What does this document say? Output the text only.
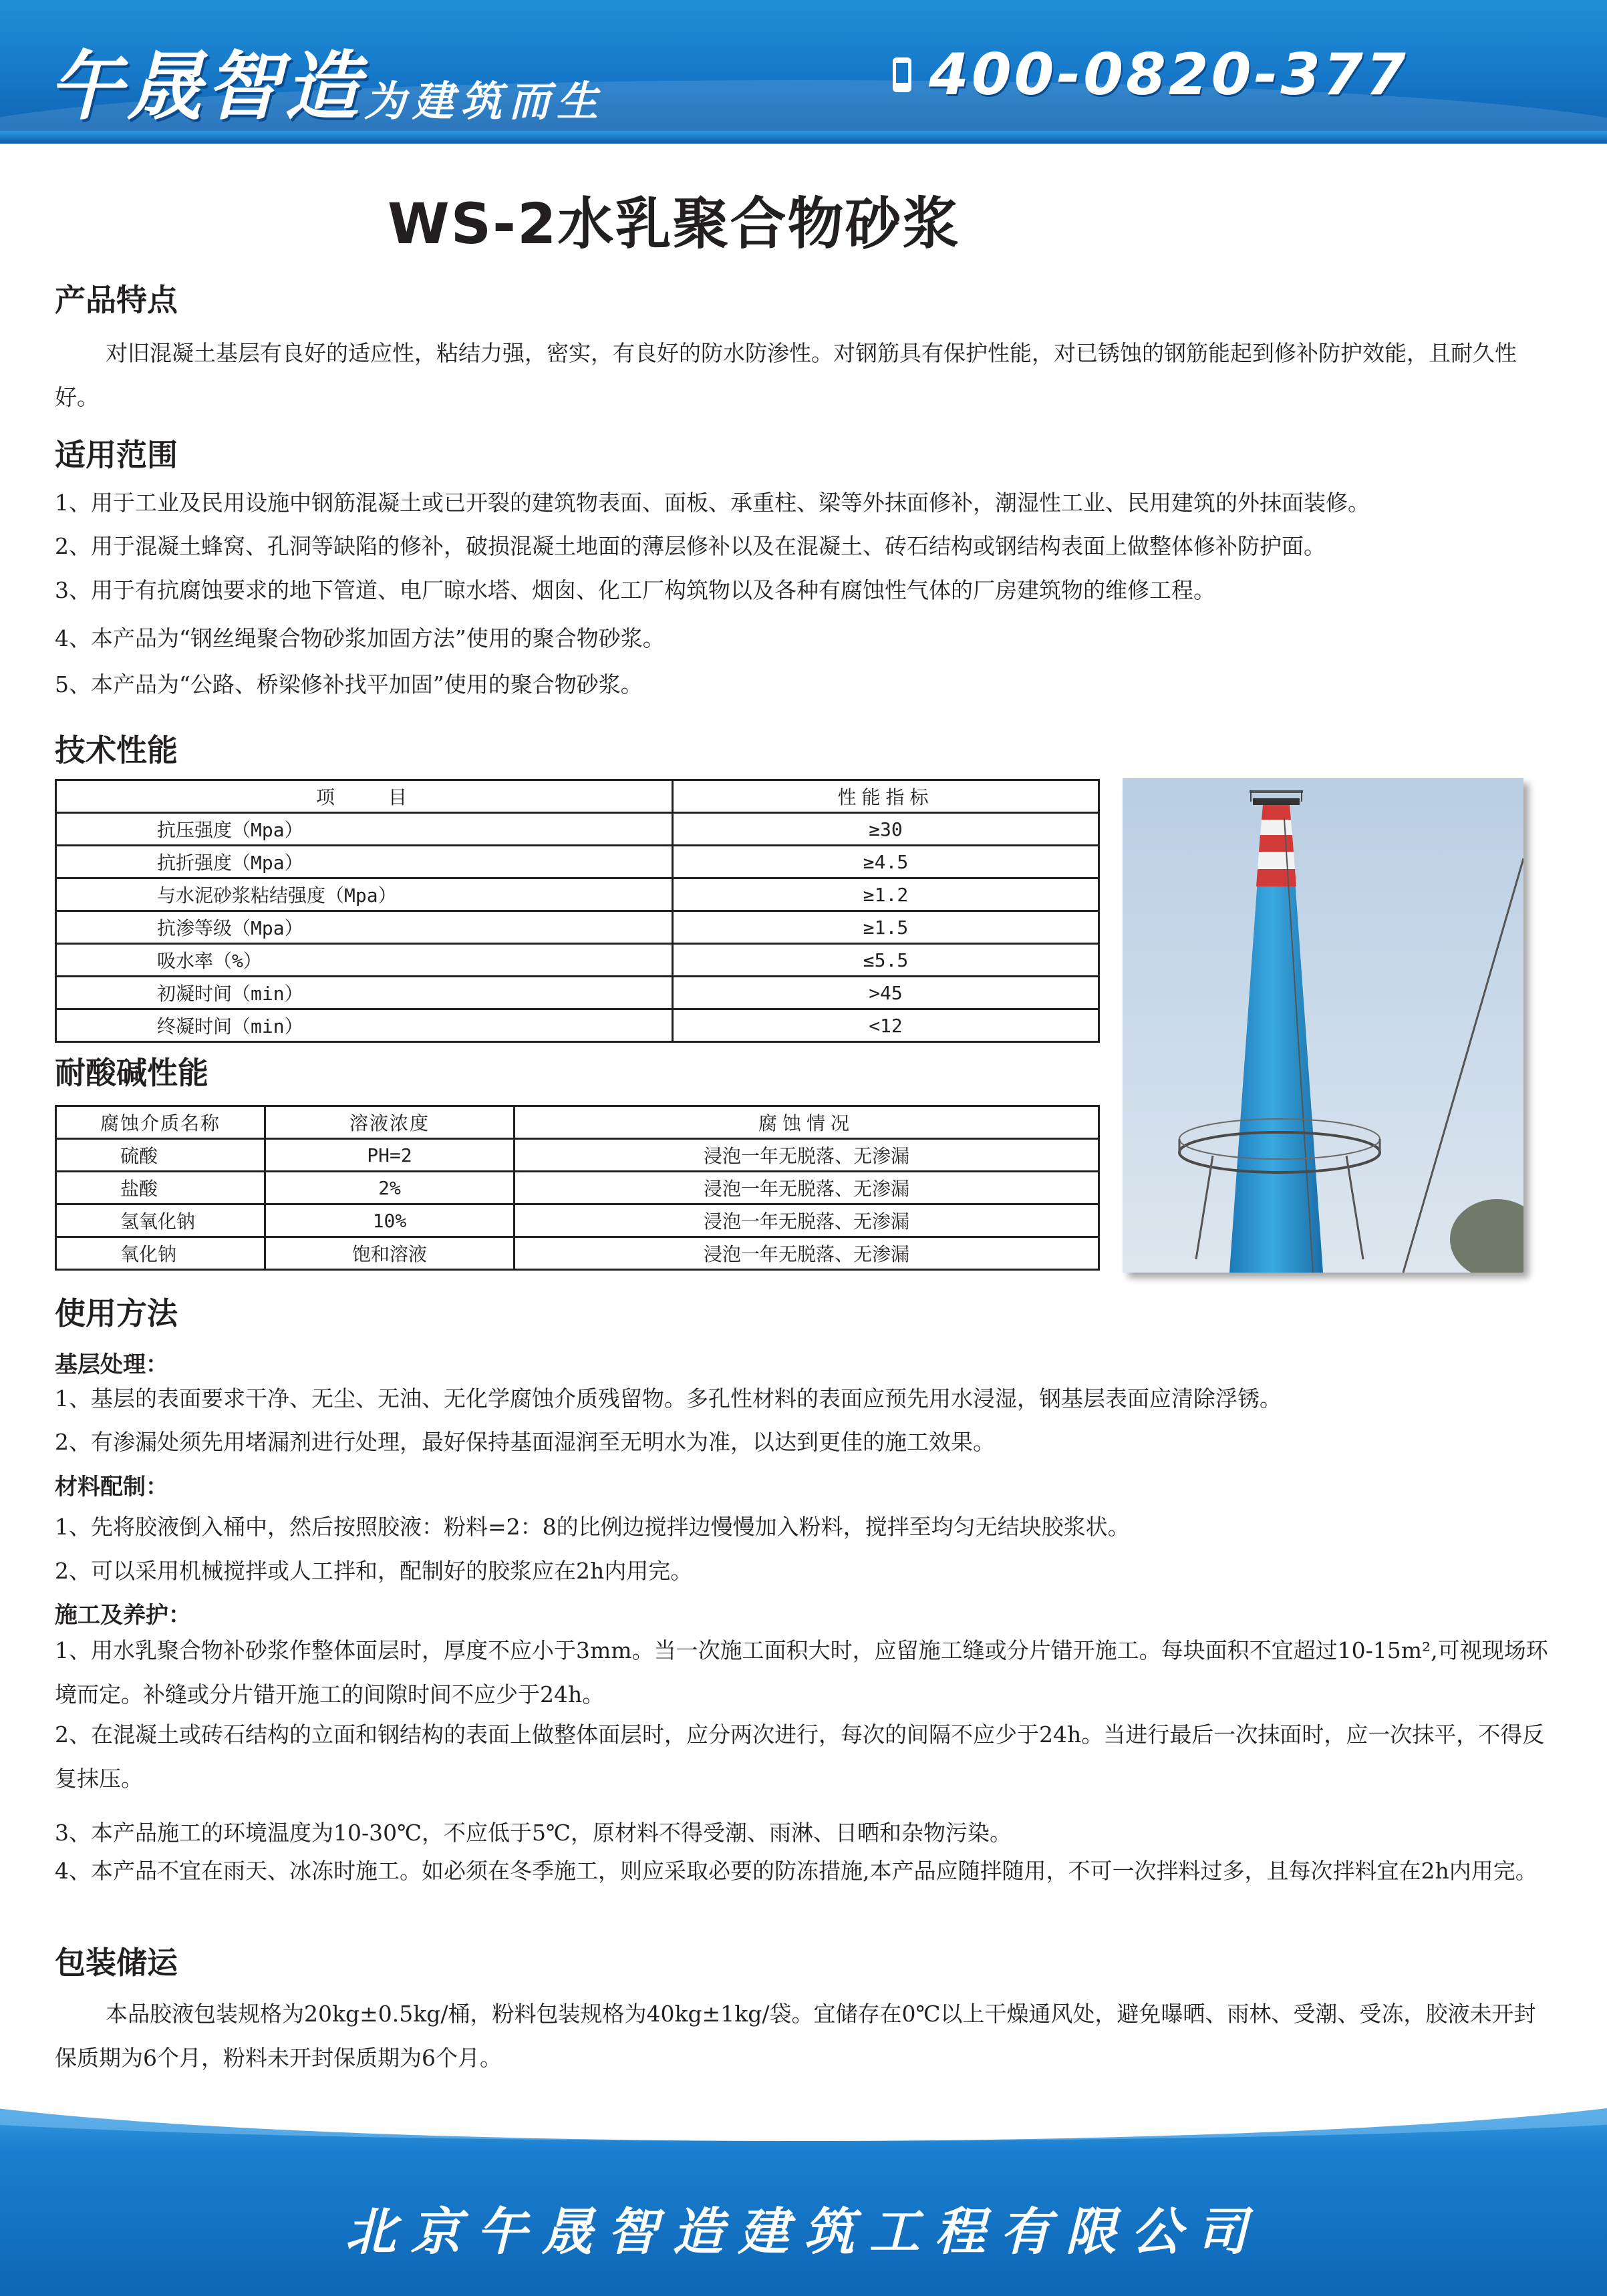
午晟智造 为建筑而生	400-0820-377
WS-2水乳聚合物砂浆
产品特点
对旧混凝土基层有良好的适应性，粘结力强，密实，有良好的防水防渗性。对钢筋具有保护性能，对已锈蚀的钢筋能起到修补防护效能，且耐久性好。
适用范围
1、用于工业及民用设施中钢筋混凝土或已开裂的建筑物表面、面板、承重柱、梁等外抹面修补，潮湿性工业、民用建筑的外抹面装修。
2、用于混凝土蜂窝、孔洞等缺陷的修补，破损混凝土地面的薄层修补以及在混凝土、砖石结构或钢结构表面上做整体修补防护面。
3、用于有抗腐蚀要求的地下管道、电厂晾水塔、烟囱、化工厂构筑物以及各种有腐蚀性气体的厂房建筑物的维修工程。
4、本产品为“钢丝绳聚合物砂浆加固方法”使用的聚合物砂浆。
5、本产品为“公路、桥梁修补找平加固”使用的聚合物砂浆。
技术性能
项　　目	性能指标
抗压强度（Mpa）	≥30
抗折强度（Mpa）	≥4.5
与水泥砂浆粘结强度（Mpa）	≥1.2
抗渗等级（Mpa）	≥1.5
吸水率（%）	≤5.5
初凝时间（min）	>45
终凝时间（min）	<12
耐酸碱性能
腐蚀介质名称	溶液浓度	腐蚀情况
硫酸	PH=2	浸泡一年无脱落、无渗漏
盐酸	2%	浸泡一年无脱落、无渗漏
氢氧化钠	10%	浸泡一年无脱落、无渗漏
氧化钠	饱和溶液	浸泡一年无脱落、无渗漏
使用方法
基层处理：
1、基层的表面要求干净、无尘、无油、无化学腐蚀介质残留物。多孔性材料的表面应预先用水浸湿，钢基层表面应清除浮锈。
2、有渗漏处须先用堵漏剂进行处理，最好保持基面湿润至无明水为准，以达到更佳的施工效果。
材料配制：
1、先将胶液倒入桶中，然后按照胶液：粉料=2：8的比例边搅拌边慢慢加入粉料，搅拌至均匀无结块胶浆状。
2、可以采用机械搅拌或人工拌和，配制好的胶浆应在2h内用完。
施工及养护：
1、用水乳聚合物补砂浆作整体面层时，厚度不应小于3mm。当一次施工面积大时，应留施工缝或分片错开施工。每块面积不宜超过10-15m²,可视现场环境而定。补缝或分片错开施工的间隙时间不应少于24h。
2、在混凝土或砖石结构的立面和钢结构的表面上做整体面层时，应分两次进行，每次的间隔不应少于24h。当进行最后一次抹面时，应一次抹平，不得反复抹压。
3、本产品施工的环境温度为10-30℃，不应低于5℃，原材料不得受潮、雨淋、日晒和杂物污染。
4、本产品不宜在雨天、冰冻时施工。如必须在冬季施工，则应采取必要的防冻措施,本产品应随拌随用，不可一次拌料过多，且每次拌料宜在2h内用完。
包装储运
本品胶液包装规格为20kg±0.5kg/桶，粉料包装规格为40kg±1kg/袋。宜储存在0℃以上干燥通风处，避免曝晒、雨林、受潮、受冻，胶液未开封保质期为6个月，粉料未开封保质期为6个月。
北京午晟智造建筑工程有限公司
